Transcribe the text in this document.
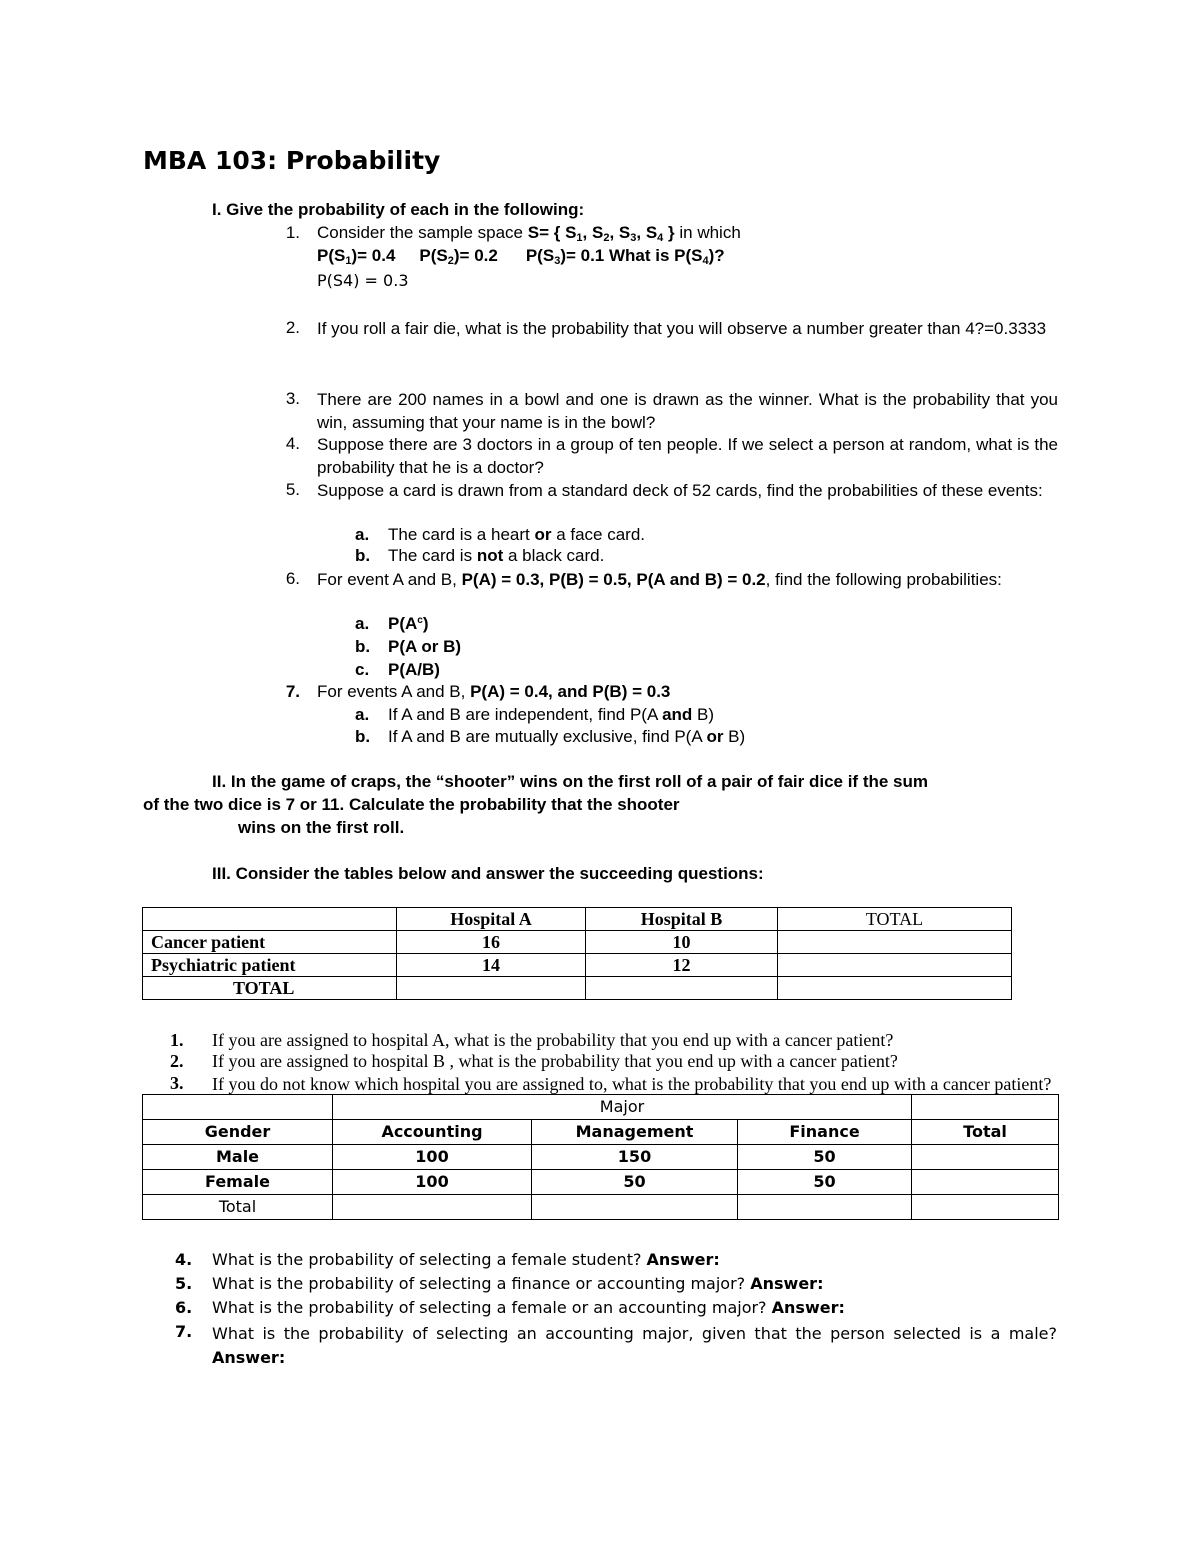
MBA 103: Probability
I. Give the probability of each in the following:
1. Consider the sample space S= { $S_1$, $S_2$, $S_3$, $S_4$ } in which
$P(S_1)= 0.4$ $P(S_2)= 0.2$ $P(S_3)= 0.1$ What is $P(S_4)$?
P(S4) = 0.3
2. If you roll a fair die, what is the probability that you will observe a number greater than 4?=0.3333
3. There are 200 names in a bowl and one is drawn as the winner. What is the probability that you win, assuming that your name is in the bowl?
4. Suppose there are 3 doctors in a group of ten people. If we select a person at random, what is the probability that he is a doctor?
5. Suppose a card is drawn from a standard deck of 52 cards, find the probabilities of these events:
a. The card is a heart or a face card.
b. The card is not a black card.
6. For event A and B, P(A) = 0.3, P(B) = 0.5, P(A and B) = 0.2, find the following probabilities:
a. $P(A^c)$
b. P(A or B)
c. P(A/B)
7. For events A and B, P(A) = 0.4, and P(B) = 0.3
a. If A and B are independent, find P(A and B)
b. If A and B are mutually exclusive, find P(A or B)
II. In the game of craps, the “shooter” wins on the first roll of a pair of fair dice if the sum
of the two dice is 7 or 11. Calculate the probability that the shooter
wins on the first roll.
III. Consider the tables below and answer the succeeding questions:
	Hospital A	Hospital B	TOTAL
Cancer patient	16	10	
Psychiatric patient	14	12	
TOTAL			
1. If you are assigned to hospital A, what is the probability that you end up with a cancer patient?
2. If you are assigned to hospital B , what is the probability that you end up with a cancer patient?
3. If you do not know which hospital you are assigned to, what is the probability that you end up with a cancer patient?
	Major			
Gender	Accounting	Management	Finance	Total
Male	100	150	50	
Female	100	50	50	
Total				
4. What is the probability of selecting a female student? Answer:
5. What is the probability of selecting a finance or accounting major? Answer:
6. What is the probability of selecting a female or an accounting major? Answer:
7. What is the probability of selecting an accounting major, given that the person selected is a male? Answer:
